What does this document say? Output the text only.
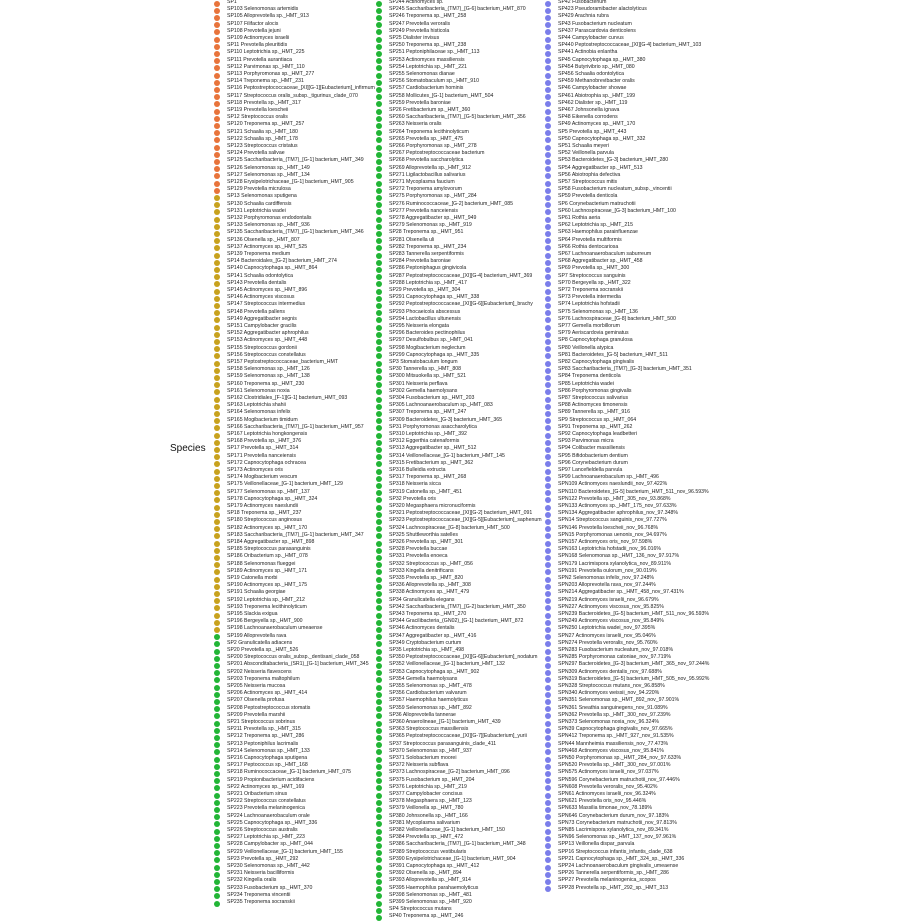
Species
SP1
SP103 Selenomonas artemidis
SP105 Alloprevotella sp._HMT_913
SP107 Filifactor alocis
SP108 Prevotella jejuni
SP109 Actinomyces israelii
SP11 Prevotella pleuritidis
SP110 Leptotrichia sp._HMT_225
SP111 Prevotella aurantiaca
SP112 Parvimonas sp._HMT_110
SP113 Porphyromonas sp._HMT_277
SP114 Treponema sp._HMT_231
SP116 Peptostreptococcaceae_[XI][G-1][Eubacterium]_infirmum
SP117 Streptococcus oralis_subsp._tigurinus_clade_070
SP118 Prevotella sp._HMT_317
SP119 Prevotella loescheii
SP12 Streptococcus oralis
SP120 Treponema sp._HMT_257
SP121 Schaalia sp._HMT_180
SP122 Schaalia sp._HMT_178
SP123 Streptococcus cristatus
SP124 Prevotella salivae
SP125 Saccharibacteria_(TM7)_[G-1] bacterium_HMT_349
SP126 Selenomonas sp._HMT_149
SP127 Selenomonas sp._HMT_134
SP128 Erysipelotrichaceae_[G-1] bacterium_HMT_905
SP129 Prevotella micrulosa
SP13 Selenomonas sputigena
SP130 Schaalia cardiffensis
SP131 Leptotrichia wadei
SP132 Porphyromonas endodontalis
SP133 Selenomonas sp._HMT_936
SP135 Saccharibacteria_(TM7)_[G-1] bacterium_HMT_346
SP136 Olsenella sp._HMT_807
SP137 Actinomyces sp._HMT_525
SP139 Treponema medium
SP14 Bacteroidales_[G-2] bacterium_HMT_274
SP140 Capnocytophaga sp._HMT_864
SP141 Schaalia odontolytica
SP143 Prevotella dentalis
SP145 Actinomyces sp._HMT_896
SP146 Actinomyces viscosus
SP147 Streptococcus intermedius
SP148 Prevotella pallens
SP149 Aggregatibacter segnis
SP151 Campylobacter gracilis
SP152 Aggregatibacter aphrophilus
SP153 Actinomyces sp._HMT_448
SP155 Streptococcus gordonii
SP156 Streptococcus constellatus
SP157 Peptostreptococcaceae_bacterium_HMT
SP158 Selenomonas sp._HMT_126
SP159 Selenomonas sp._HMT_138
SP160 Treponema sp._HMT_230
SP161 Selenomonas noxia
SP162 Clostridiales_[F-1][G-1] bacterium_HMT_093
SP163 Leptotrichia shahii
SP164 Selenomonas infelix
SP165 Mogibacterium timidum
SP166 Saccharibacteria_(TM7)_[G-1] bacterium_HMT_957
SP167 Leptotrichia hongkongensis
SP168 Prevotella sp._HMT_376
SP17 Prevotella sp._HMT_314
SP171 Prevotella nanceiensis
SP172 Capnocytophaga ochracea
SP173 Actinomyces oris
SP174 Mogibacterium vescum
SP175 Veillonellaceae_[G-1] bacterium_HMT_129
SP177 Selenomonas sp._HMT_137
SP178 Capnocytophaga sp._HMT_324
SP179 Actinomyces naeslundii
SP18 Treponema sp._HMT_237
SP180 Streptococcus anginosus
SP182 Actinomyces sp._HMT_170
SP183 Saccharibacteria_(TM7)_[G-1] bacterium_HMT_347
SP184 Aggregatibacter sp._HMT_898
SP185 Streptococcus parasanguinis
SP186 Oribacterium sp._HMT_078
SP188 Selenomonas flueggei
SP189 Actinomyces sp._HMT_171
SP19 Catonella morbi
SP190 Actinomyces sp._HMT_175
SP191 Schaalia georgiae
SP192 Leptotrichia sp._HMT_212
SP193 Treponema lecithinolyticum
SP195 Slackia exigua
SP196 Bergeyella sp._HMT_900
SP198 Lachnoanaerobaculum umeaense
SP199 Alloprevotella rava
SP2 Granulicatella adiacens
SP20 Prevotella sp._HMT_526
SP200 Streptococcus oralis_subsp._dentisani_clade_058
SP201 Absconditabacteria_(SR1)_[G-1] bacterium_HMT_345
SP202 Neisseria flavescens
SP203 Treponema maltophilum
SP205 Neisseria mucosa
SP206 Actinomyces sp._HMT_414
SP207 Olsenella profusa
SP208 Peptostreptococcus stomatis
SP209 Prevotella marshii
SP21 Streptococcus sobrinus
SP211 Prevotella sp._HMT_315
SP212 Treponema sp._HMT_286
SP213 Peptoniphilus lacrimalis
SP214 Selenomonas sp._HMT_133
SP216 Capnocytophaga sputigena
SP217 Peptococcus sp._HMT_168
SP218 Ruminococcaceae_[G-1] bacterium_HMT_075
SP219 Propionibacterium acidifaciens
SP22 Actinomyces sp._HMT_169
SP221 Oribacterium sinus
SP222 Streptococcus constellatus
SP223 Prevotella melaninogenica
SP224 Lachnoanaerobaculum orale
SP225 Capnocytophaga sp._HMT_336
SP226 Streptococcus australis
SP227 Leptotrichia sp._HMT_223
SP228 Campylobacter sp._HMT_044
SP229 Veillonellaceae_[G-1] bacterium_HMT_155
SP23 Prevotella sp._HMT_292
SP230 Selenomonas sp._HMT_442
SP231 Neisseria bacilliformis
SP232 Kingella oralis
SP233 Fusobacterium sp._HMT_370
SP234 Treponema vincentii
SP235 Treponema socranskii
SP244 Actinomyces sp.
SP245 Saccharibacteria_(TM7)_[G-6] bacterium_HMT_870
SP246 Treponema sp._HMT_258
SP247 Prevotella veroralis
SP249 Prevotella histicola
SP25 Dialister invisus
SP250 Treponema sp._HMT_238
SP251 Peptoniphilaceae sp._HMT_113
SP253 Actinomyces massiliensis
SP254 Leptotrichia sp._HMT_221
SP255 Selenomonas dianae
SP256 Stomatobaculum sp._HMT_910
SP257 Cardiobacterium hominis
SP258 Mollicutes_[G-1] bacterium_HMT_504
SP259 Prevotella baroniae
SP26 Fretibacterium sp._HMT_360
SP260 Saccharibacteria_(TM7)_[G-5] bacterium_HMT_356
SP263 Neisseria oralis
SP264 Treponema lecithinolyticum
SP265 Prevotella sp._HMT_475
SP266 Porphyromonas sp._HMT_278
SP267 Peptostreptococcaceae bacterium
SP268 Prevotella saccharolytica
SP269 Alloprevotella sp._HMT_912
SP271 Ligilactobacillus salivarius
SP271 Mycoplasma faucium
SP272 Treponema amylovorum
SP275 Porphyromonas sp._HMT_284
SP276 Ruminococcaceae_[G-2] bacterium_HMT_085
SP277 Prevotella nanceiensis
SP278 Aggregatibacter sp._HMT_949
SP279 Selenomonas sp._HMT_919
SP28 Treponema sp._HMT_951
SP281 Olsenella uli
SP282 Treponema sp._HMT_234
SP283 Tannerella serpentiformis
SP284 Prevotella baroniae
SP286 Peptoniphagus gingivicola
SP287 Peptostreptococcaceae_[XI][G-4] bacterium_HMT_369
SP288 Leptotrichia sp._HMT_417
SP29 Prevotella sp._HMT_304
SP291 Capnocytophaga sp._HMT_338
SP292 Peptostreptococcaceae_[XI][G-6][Eubacterium]_brachy
SP293 Phocaeicola abscessus
SP294 Lactobacillus ultunensis
SP295 Neisseria elongata
SP296 Bacteroides pectinophilus
SP297 Desulfobulbus sp._HMT_041
SP298 Mogibacterium neglectum
SP299 Capnocytophaga sp._HMT_335
SP3 Stomatobaculum longum
SP30 Tannerella sp._HMT_808
SP300 Mitsuokella sp._HMT_521
SP301 Neisseria perflava
SP302 Gemella haemolysans
SP304 Fusobacterium sp._HMT_203
SP305 Lachnoanaerobaculum sp._HMT_083
SP307 Treponema sp._HMT_247
SP309 Bacteroidetes_[G-3] bacterium_HMT_365
SP31 Porphyromonas asaccharolytica
SP310 Leptotrichia sp._HMT_392
SP312 Eggerthia catenaformis
SP313 Aggregatibacter sp._HMT_512
SP314 Veillonellaceae_[G-1] bacterium_HMT_145
SP315 Fretibacterium sp._HMT_362
SP316 Bulleidia extructa
SP317 Treponema sp._HMT_268
SP318 Neisseria sicca
SP319 Catonella sp._HMT_451
SP32 Prevotella oris
SP320 Megasphaera micronuciformis
SP321 Peptostreptococcaceae_[XI][G-2] bacterium_HMT_091
SP323 Peptostreptococcaceae_[XI][G-5][Eubacterium]_saphenum
SP324 Lachnospiraceae_[G-8] bacterium_HMT_500
SP325 Shuttleworthia satelles
SP326 Prevotella sp._HMT_301
SP328 Prevotella buccae
SP331 Prevotella enoeca
SP332 Streptococcus sp._HMT_056
SP333 Kingella denitrificans
SP335 Prevotella sp._HMT_820
SP336 Alloprevotella sp._HMT_308
SP338 Actinomyces sp._HMT_479
SP34 Granulicatella elegans
SP342 Saccharibacteria_(TM7)_[G-2] bacterium_HMT_350
SP343 Treponema sp._HMT_270
SP344 Gracilibacteria_(GN02)_[G-1] bacterium_HMT_872
SP346 Actinomyces dentalis
SP347 Aggregatibacter sp._HMT_416
SP349 Cryptobacterium curtum
SP35 Leptotrichia sp._HMT_498
SP350 Peptostreptococcaceae_[XI][G-6][Eubacterium]_nodatum
SP352 Veillonellaceae_[G-1] bacterium_HMT_132
SP353 Capnocytophaga sp._HMT_902
SP354 Gemella haemolysans
SP355 Selenomonas sp._HMT_478
SP356 Cardiobacterium valvarum
SP357 Haemophilus haemolyticus
SP359 Selenomonas sp._HMT_892
SP36 Alloprevotella tannerae
SP360 Anaerolineae_[G-1] bacterium_HMT_439
SP363 Streptococcus massiliensis
SP365 Peptostreptococcaceae_[XI][G-7][Eubacterium]_yurii
SP37 Streptococcus parasanguinis_clade_411
SP370 Selenomonas sp._HMT_937
SP371 Solobacterium moorei
SP372 Neisseria subflava
SP373 Lachnospiraceae_[G-2] bacterium_HMT_096
SP375 Fusobacterium sp._HMT_204
SP376 Leptotrichia sp._HMT_219
SP377 Campylobacter concisus
SP378 Megasphaera sp._HMT_123
SP379 Veillonella sp._HMT_780
SP380 Johnsonella sp._HMT_166
SP381 Mycoplasma salivarium
SP382 Veillonellaceae_[G-1] bacterium_HMT_150
SP384 Prevotella sp._HMT_472
SP386 Saccharibacteria_(TM7)_[G-1] bacterium_HMT_348
SP389 Streptococcus vestibularis
SP390 Erysipelotrichaceae_[G-1] bacterium_HMT_904
SP391 Capnocytophaga sp._HMT_412
SP392 Olsenella sp._HMT_894
SP393 Alloprevotella sp._HMT_914
SP395 Haemophilus parahaemolyticus
SP398 Selenomonas sp._HMT_481
SP399 Selenomonas sp._HMT_920
SP4 Streptococcus mutans
SP40 Treponema sp._HMT_246
SP42 Fusobacterium
SP423 Pseudoramibacter alactolyticus
SP429 Arachnia rubra
SP43 Fusobacterium nucleatum
SP437 Parascardovia denticolens
SP44 Campylobacter curvus
SP440 Peptostreptococcaceae_[XI][G-4] bacterium_HMT_103
SP441 Actinobia enlantha
SP45 Capnocytophaga sp._HMT_380
SP454 Butyrivibrio sp._HMT_080
SP456 Schaalia odontolytica
SP459 Methanobrevibacter oralis
SP46 Campylobacter showae
SP461 Abiotrophia sp._HMT_199
SP462 Dialister sp._HMT_119
SP467 Johnsonella ignava
SP48 Eikenella corrodens
SP49 Actinomyces sp._HMT_170
SP5 Prevotella sp._HMT_443
SP50 Capnocytophaga sp._HMT_332
SP51 Schaalia meyeri
SP52 Veillonella parvula
SP53 Bacteroidetes_[G-3] bacterium_HMT_280
SP54 Aggregatibacter sp._HMT_513
SP56 Abiotrophia defectiva
SP57 Streptococcus mitis
SP58 Fusobacterium nucleatum_subsp._vincentii
SP59 Prevotella denticola
SP6 Corynebacterium matruchotii
SP60 Lachnospiraceae_[G-3] bacterium_HMT_100
SP61 Rothia aeria
SP62 Leptotrichia sp._HMT_215
SP63 Haemophilus parainfluenzae
SP64 Prevotella multiformis
SP66 Rothia dentocariosa
SP67 Lachnoanaerobaculum saburreum
SP68 Aggregatibacter sp._HMT_458
SP69 Prevotella sp._HMT_300
SP7 Streptococcus sanguinis
SP70 Bergeyella sp._HMT_322
SP72 Treponema socranskii
SP73 Prevotella intermedia
SP74 Leptotrichia hofstadii
SP75 Selenomonas sp._HMT_136
SP76 Lachnospiraceae_[G-8] bacterium_HMT_500
SP77 Gemella morbillorum
SP79 Aeriscardovia geminatus
SP8 Capnocytophaga granulosa
SP80 Veillonella atypica
SP81 Bacteroidetes_[G-5] bacterium_HMT_511
SP82 Capnocytophaga gingivalis
SP83 Saccharibacteria_(TM7)_[G-3] bacterium_HMT_351
SP84 Treponema denticola
SP85 Leptotrichia wadei
SP86 Porphyromonas gingivalis
SP87 Streptococcus salivarius
SP88 Actinomyces timonensis
SP89 Tannerella sp._HMT_916
SP9 Streptococcus sp._HMT_064
SP91 Treponema sp._HMT_262
SP92 Capnocytophaga leadbetteri
SP93 Parvimonas micra
SP94 Colibacter massiliensis
SP95 Bifidobacterium dentium
SP96 Corynebacterium durum
SP97 Lancefieldella parvula
SP99 Lachnoanaerobaculum sp._HMT_496
SPN109 Actinomyces naeslundii_nov_97.422%
SPN110 Bacteroidetes_[G-5] bacterium_HMT_511_nov_96.593%
SPN122 Prevotella sp._HMT_305_nov_93.868%
SPN133 Actinomyces sp._HMT_175_nov_97.633%
SPN134 Aggregatibacter aphrophilus_nov_97.348%
SPN14 Streptococcus sanguinis_nov_97.727%
SPN146 Prevotella loescheii_nov_96.768%
SPN15 Porphyromonas uenonis_nov_94.697%
SPN157 Actinomyces oris_nov_97.598%
SPN163 Leptotrichia hofstadii_nov_96.016%
SPN168 Selenomonas sp._HMT_136_nov_97.917%
SPN179 Lacrimispora xylanolytica_nov_89.911%
SPN191 Prevotella oulorum_nov_90.019%
SPN2 Selenomonas infelix_nov_97.248%
SPN203 Alloprevotella rava_nov_97.244%
SPN214 Aggregatibacter sp._HMT_458_nov_97.431%
SPN219 Actinomyces israelii_nov_96.679%
SPN227 Actinomyces viscosus_nov_95.825%
SPN239 Bacteroidetes_[G-5] bacterium_HMT_511_nov_96.593%
SPN249 Actinomyces viscosus_nov_95.849%
SPN250 Leptotrichia wadei_nov_97.395%
SPN27 Actinomyces israelii_nov_95.046%
SPN274 Prevotella veroralis_nov_95.760%
SPN283 Fusobacterium nucleatum_nov_97.018%
SPN285 Porphyromonas catoniae_nov_97.719%
SPN297 Bacteroidetes_[G-3] bacterium_HMT_365_nov_97.244%
SPN309 Actinomyces dentalis_nov_97.688%
SPN319 Bacteroidetes_[G-5] bacterium_HMT_505_nov_95.992%
SPN328 Streptococcus mutans_nov_96.858%
SPN340 Actinomyces weissii_nov_94.220%
SPN351 Selenomonas sp._HMT_892_nov_97.901%
SPN361 Sneathia sanguinegens_nov_91.089%
SPN362 Prevotella sp._HMT_300_nov_97.239%
SPN373 Selenomonas noxia_nov_96.324%
SPN39 Capnocytophaga gingivalis_nov_97.665%
SPN412 Treponema sp._HMT_927_nov_91.535%
SPN44 Mannheimia massiliensis_nov_77.473%
SPN468 Actinomyces viscosus_nov_95.841%
SPN50 Porphyromonas sp._HMT_284_nov_97.633%
SPN520 Prevotella sp._HMT_300_nov_97.001%
SPN575 Actinomyces israelii_nov_97.037%
SPN596 Corynebacterium matruchotii_nov_97.446%
SPN608 Prevotella veroralis_nov_95.402%
SPN61 Actinomyces israelii_nov_96.324%
SPN621 Prevotella oris_nov_95.446%
SPN633 Massilia timonae_nov_78.189%
SPN646 Corynebacterium durum_nov_97.183%
SPN73 Corynebacterium matruchotii_nov_97.813%
SPN85 Lacrimispora xylanolytica_nov_89.341%
SPN96 Selenomonas sp._HMT_137_nov_97.961%
SPP13 Veillonella dispar_parvula
SPP16 Streptococcus infantis_infantis_clade_638
SPP21 Capnocytophaga sp._HMT_324_sp._HMT_336
SPP24 Lachnoanaerobaculum gingivalis_umeaense
SPP26 Tannerella serpentiformis_sp._HMT_286
SPP27 Prevotella melaninogenica_scopos
SPP28 Prevotella sp._HMT_292_sp._HMT_313
